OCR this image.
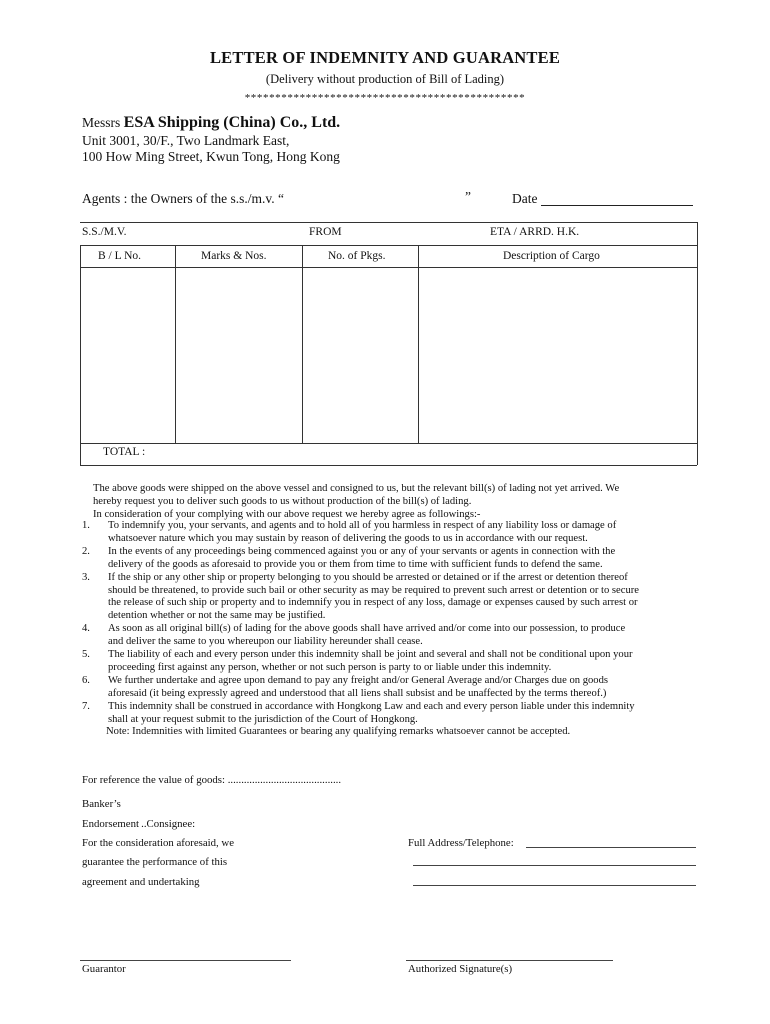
LETTER OF INDEMNITY AND GUARANTEE
(Delivery without production of Bill of Lading)
**********************************************
Messrs ESA Shipping (China) Co., Ltd.
Unit 3001, 30/F., Two Landmark East,
100 How Ming Street, Kwun Tong, Hong Kong
Agents : the Owners of the s.s./m.v. “	”	Date
S.S./M.V.	FROM	ETA / ARRD. H.K.
B / L No.	Marks & Nos.	No. of Pkgs.	Description of Cargo
TOTAL :
The above goods were shipped on the above vessel and consigned to us, but the relevant bill(s) of lading not yet arrived. We
hereby request you to deliver such goods to us without production of the bill(s) of lading.
In consideration of your complying with our above request we hereby agree as followings:-
1. To indemnify you, your servants, and agents and to hold all of you harmless in respect of any liability loss or damage of
whatsoever nature which you may sustain by reason of delivering the goods to us in accordance with our request.
2. In the events of any proceedings being commenced against you or any of your servants or agents in connection with the
delivery of the goods as aforesaid to provide you or them from time to time with sufficient funds to defend the same.
3. If the ship or any other ship or property belonging to you should be arrested or detained or if the arrest or detention thereof
should be threatened, to provide such bail or other security as may be required to prevent such arrest or detention or to secure
the release of such ship or property and to indemnify you in respect of any loss, damage or expenses caused by such arrest or
detention whether or not the same may be justified.
4. As soon as all original bill(s) of lading for the above goods shall have arrived and/or come into our possession, to produce
and deliver the same to you whereupon our liability hereunder shall cease.
5. The liability of each and every person under this indemnity shall be joint and several and shall not be conditional upon your
proceeding first against any person, whether or not such person is party to or liable under this indemnity.
6. We further undertake and agree upon demand to pay any freight and/or General Average and/or Charges due on goods
aforesaid (it being expressly agreed and understood that all liens shall subsist and be unaffected by the terms thereof.)
7. This indemnity shall be construed in accordance with Hongkong Law and each and every person liable under this indemnity
shall at your request submit to the jurisdiction of the Court of Hongkong.
Note: Indemnities with limited Guarantees or bearing any qualifying remarks whatsoever cannot be accepted.
For reference the value of goods: ..........................................
Banker’s
Endorsement ..Consignee:
For the consideration aforesaid, we
guarantee the performance of this
agreement and undertaking
Full Address/Telephone:
Guarantor	Authorized Signature(s)
